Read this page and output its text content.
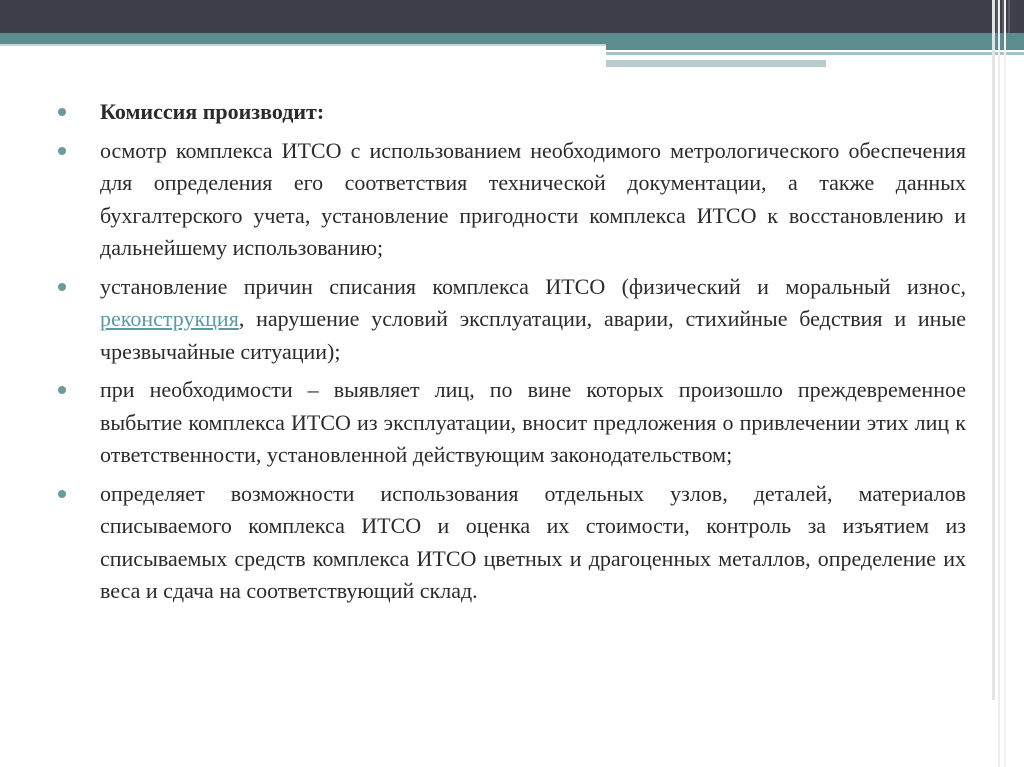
Комиссия производит:
осмотр комплекса ИТСО с использованием необходимого метрологического обеспечения для определения его соответствия технической документации, а также данных бухгалтерского учета, установление пригодности комплекса ИТСО к восстановлению и дальнейшему использованию;
установление причин списания комплекса ИТСО (физический и моральный износ, реконструкция, нарушение условий эксплуатации, аварии, стихийные бедствия и иные чрезвычайные ситуации);
при необходимости – выявляет лиц, по вине которых произошло преждевременное выбытие комплекса ИТСО из эксплуатации, вносит предложения о привлечении этих лиц к ответственности, установленной действующим законодательством;
определяет возможности использования отдельных узлов, деталей, материалов списываемого комплекса ИТСО и оценка их стоимости, контроль за изъятием из списываемых средств комплекса ИТСО цветных и драгоценных металлов, определение их веса и сдача на соответствующий склад.
